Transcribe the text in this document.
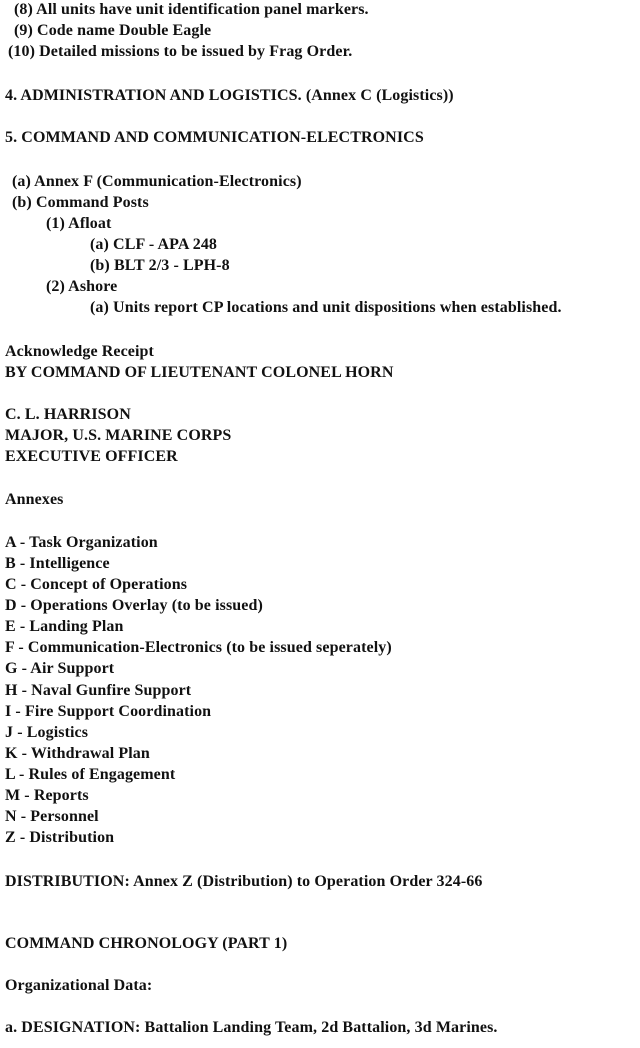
(8) All units have unit identification panel markers.
(9) Code name Double Eagle
(10) Detailed missions to be issued by Frag Order.
4. ADMINISTRATION AND LOGISTICS. (Annex C (Logistics))
5. COMMAND AND COMMUNICATION-ELECTRONICS
(a) Annex F (Communication-Electronics)
(b) Command Posts
(1) Afloat
(a) CLF - APA 248
(b) BLT 2/3 - LPH-8
(2) Ashore
(a) Units report CP locations and unit dispositions when established.
Acknowledge Receipt
BY COMMAND OF LIEUTENANT COLONEL HORN
C. L. HARRISON
MAJOR, U.S. MARINE CORPS
EXECUTIVE OFFICER
Annexes
A - Task Organization
B - Intelligence
C - Concept of Operations
D - Operations Overlay (to be issued)
E - Landing Plan
F - Communication-Electronics (to be issued seperately)
G - Air Support
H - Naval Gunfire Support
I - Fire Support Coordination
J - Logistics
K - Withdrawal Plan
L - Rules of Engagement
M - Reports
N - Personnel
Z - Distribution
DISTRIBUTION: Annex Z (Distribution) to Operation Order 324-66
COMMAND CHRONOLOGY (PART 1)
Organizational Data:
a. DESIGNATION: Battalion Landing Team, 2d Battalion, 3d Marines.
